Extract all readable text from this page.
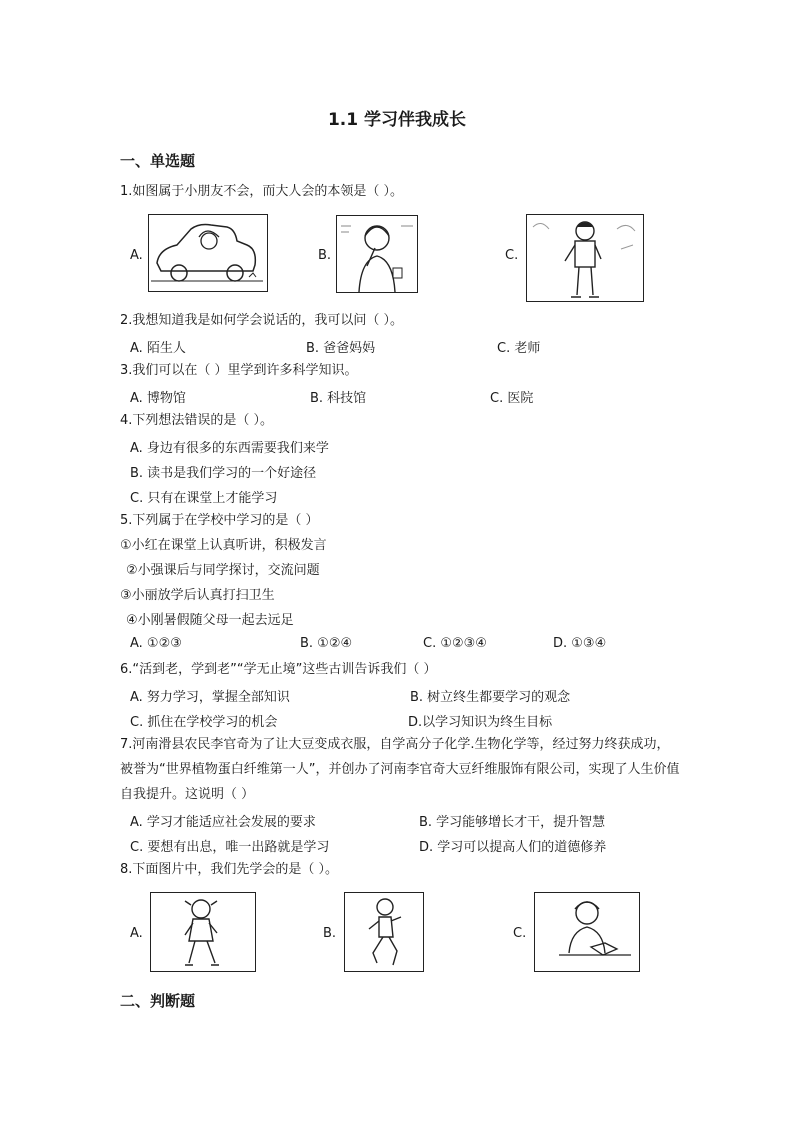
1.1 学习伴我成长
一、单选题
1.如图属于小朋友不会，而大人会的本领是（ ）。
A.	B.	C.
2.我想知道我是如何学会说话的，我可以问（ ）。
A. 陌生人	B. 爸爸妈妈	C. 老师
3.我们可以在（ ）里学到许多科学知识。
A. 博物馆	B. 科技馆	C. 医院
4.下列想法错误的是（ ）。
A. 身边有很多的东西需要我们来学
B. 读书是我们学习的一个好途径
C. 只有在课堂上才能学习
5.下列属于在学校中学习的是（ ）
①小红在课堂上认真听讲，积极发言
②小强课后与同学探讨，交流问题
③小丽放学后认真打扫卫生
④小刚暑假随父母一起去远足
A. ①②③	B. ①②④	C. ①②③④	D. ①③④
6.“活到老，学到老”“学无止境”这些古训告诉我们（ ）
A. 努力学习，掌握全部知识	B. 树立终生都要学习的观念
C. 抓住在学校学习的机会	D.以学习知识为终生目标
7.河南滑县农民李官奇为了让大豆变成衣服，自学高分子化学.生物化学等，经过努力终获成功，被誉为“世界植物蛋白纤维第一人”，并创办了河南李官奇大豆纤维服饰有限公司，实现了人生价值自我提升。这说明（ ）
A. 学习才能适应社会发展的要求	B. 学习能够增长才干，提升智慧
C. 要想有出息，唯一出路就是学习	D. 学习可以提高人们的道德修养
8.下面图片中，我们先学会的是（ ）。
A.	B.	C.
二、判断题
